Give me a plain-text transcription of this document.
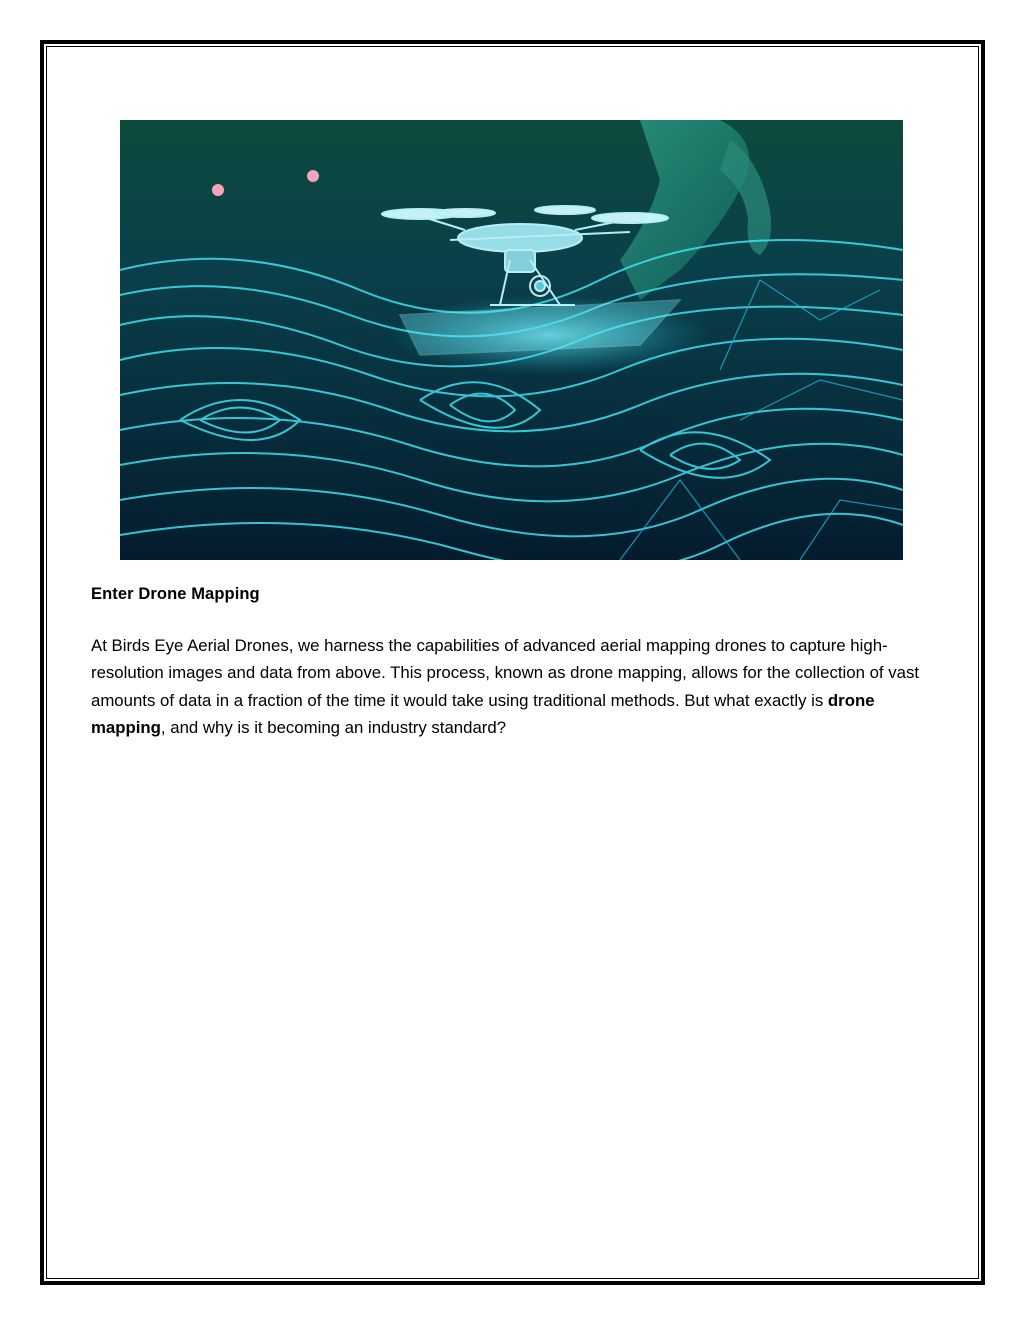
Enter Drone Mapping

At Birds Eye Aerial Drones, we harness the capabilities of advanced aerial mapping drones to capture high-resolution images and data from above. This process, known as drone mapping, allows for the collection of vast amounts of data in a fraction of the time it would take using traditional methods. But what exactly is drone mapping, and why is it becoming an industry standard?
